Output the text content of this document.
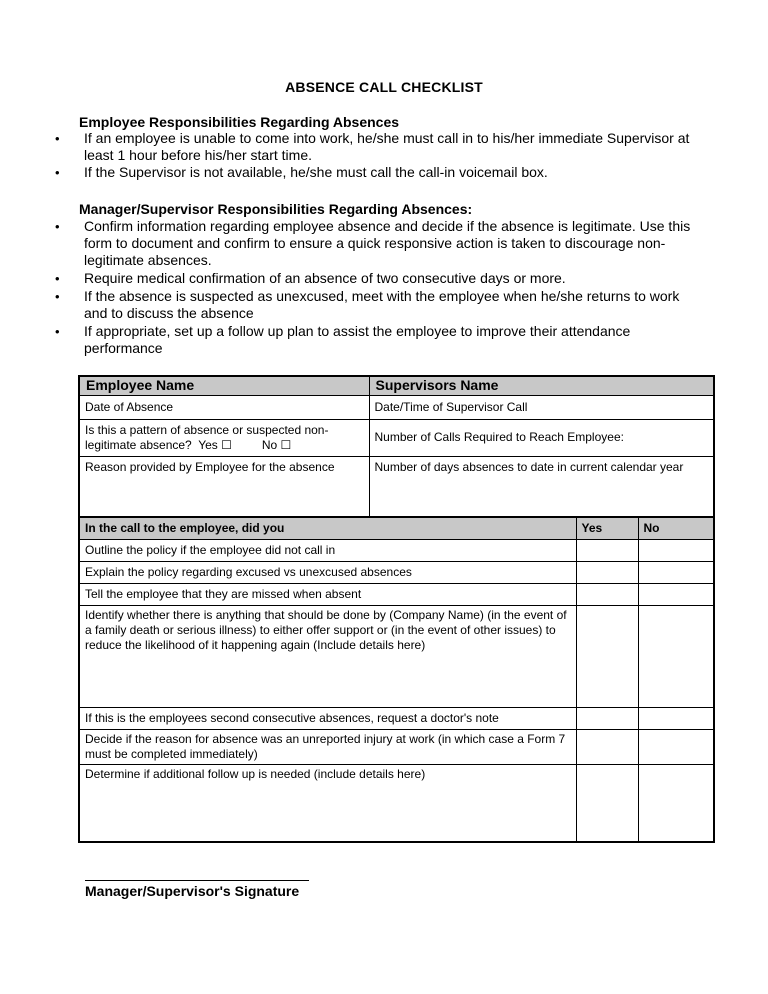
ABSENCE CALL CHECKLIST
Employee Responsibilities Regarding Absences
• If an employee is unable to come into work, he/she must call in to his/her immediate Supervisor at least 1 hour before his/her start time.
• If the Supervisor is not available, he/she must call the call-in voicemail box.
Manager/Supervisor Responsibilities Regarding Absences:
• Confirm information regarding employee absence and decide if the absence is legitimate. Use this form to document and confirm to ensure a quick responsive action is taken to discourage non-legitimate absences.
• Require medical confirmation of an absence of two consecutive days or more.
• If the absence is suspected as unexcused, meet with the employee when he/she returns to work and to discuss the absence
• If appropriate, set up a follow up plan to assist the employee to improve their attendance performance
Employee Name	Supervisors Name
Date of Absence	Date/Time of Supervisor Call
Is this a pattern of absence or suspected non-legitimate absence? Yes ☐ No ☐	Number of Calls Required to Reach Employee:
Reason provided by Employee for the absence	Number of days absences to date in current calendar year
In the call to the employee, did you	Yes	No
Outline the policy if the employee did not call in		
Explain the policy regarding excused vs unexcused absences		
Tell the employee that they are missed when absent		
Identify whether there is anything that should be done by (Company Name) (in the event of a family death or serious illness) to either offer support or (in the event of other issues) to reduce the likelihood of it happening again (Include details here)		
If this is the employees second consecutive absences, request a doctor's note		
Decide if the reason for absence was an unreported injury at work (in which case a Form 7 must be completed immediately)		
Determine if additional follow up is needed (include details here)		
Manager/Supervisor's Signature
